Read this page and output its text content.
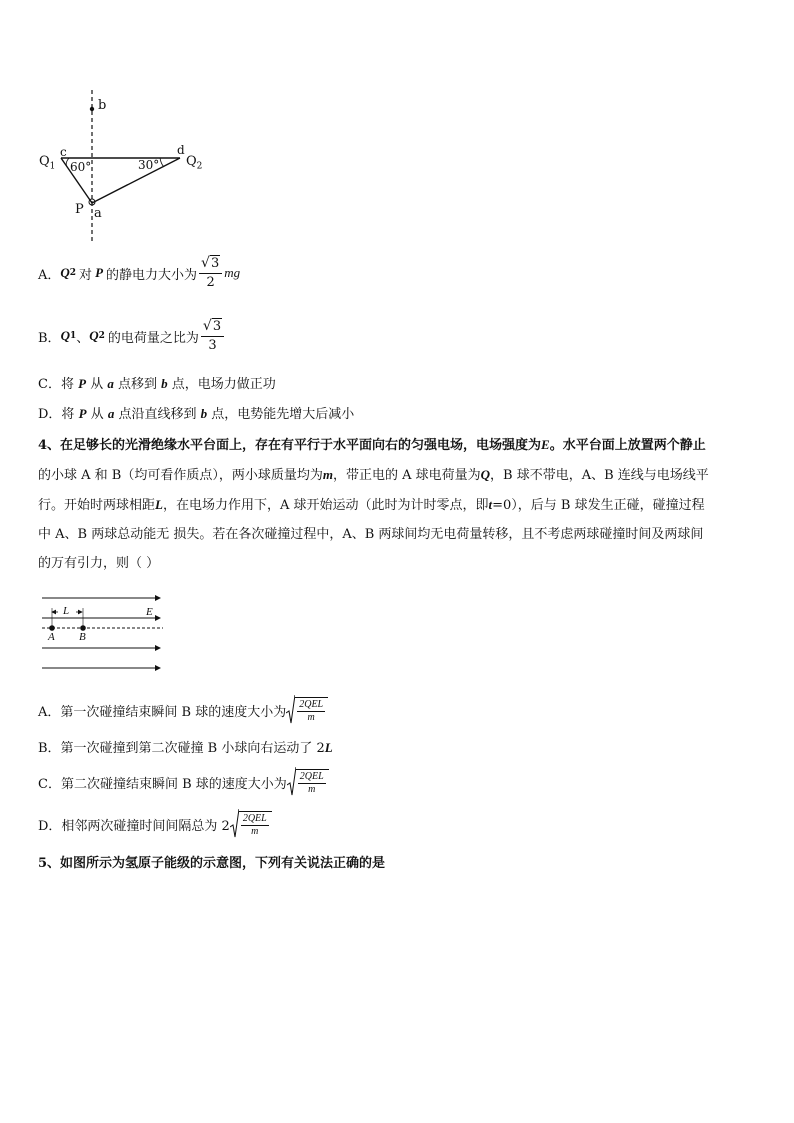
b
$Q_1$
c
60°	30°
d
$Q_2$
P a
A． Q 2 对 P 的静电力大小为 $\frac{√ 3}{2}$ mg
B． Q 1 、 Q 2 的电荷量之比为 $\frac{√ 3}{3}$
C．将 P 从 a 点移到 b 点，电场力做正功
D．将 P 从 a 点沿直线移到 b 点，电势能先增大后减小
4、在足够长的光滑绝缘水平台面上，存在有平行于水平面向右的匀强电场，电场强度为E。水平台面上放置两个静止
的小球 A 和 B（均可看作质点），两小球质量均为m，带正电的 A 球电荷量为Q，B 球不带电，A、B 连线与电场线平
行。开始时两球相距L，在电场力作用下，A 球开始运动（此时为计时零点，即t=0），后与 B 球发生正碰，碰撞过程
中 A、B 两球总动能无 损失。若在各次碰撞过程中，A、B 两球间均无电荷量转移，且不考虑两球碰撞时间及两球间
的万有引力，则（ ）
L	E
A B
A．第一次碰撞结束瞬间 B 球的速度大小为
2QEL
m
B．第一次碰撞到第二次碰撞 B 小球向右运动了 2L
C．第二次碰撞结束瞬间 B 球的速度大小为
2QEL
m
D．相邻两次碰撞时间间隔总为 2
2QEL
m
5、如图所示为氢原子能级的示意图，下列有关说法正确的是
